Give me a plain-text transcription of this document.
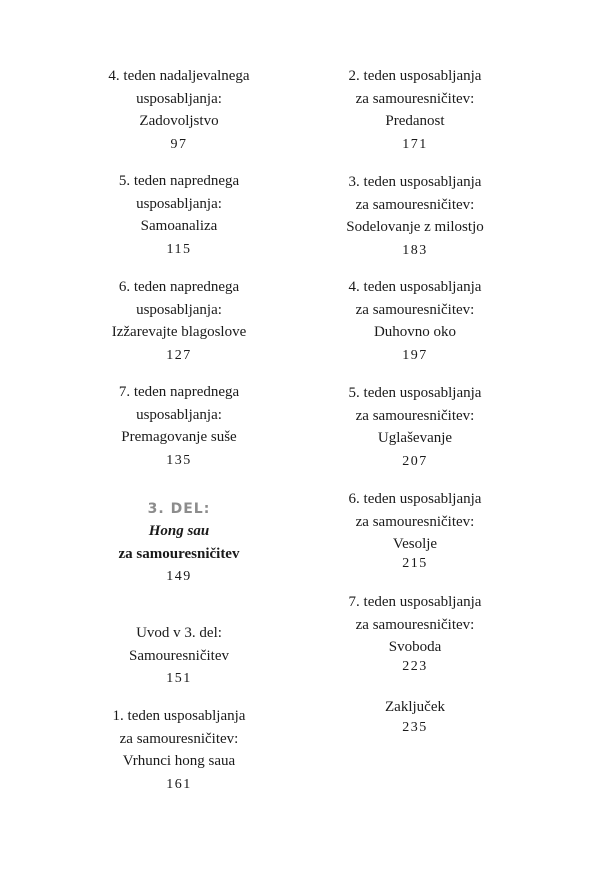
4. teden nadaljevalnega
usposabljanja:
Zadovoljstvo
97
5. teden naprednega
usposabljanja:
Samoanaliza
115
6. teden naprednega
usposabljanja:
Izžarevajte blagoslove
127
7. teden naprednega
usposabljanja:
Premagovanje suše
135
3. DEL:
Hong sau
za samouresničitev
149
Uvod v 3. del:
Samouresničitev
151
1. teden usposabljanja
za samouresničitev:
Vrhunci hong saua
161
2. teden usposabljanja
za samouresničitev:
Predanost
171
3. teden usposabljanja
za samouresničitev:
Sodelovanje z milostjo
183
4. teden usposabljanja
za samouresničitev:
Duhovno oko
197
5. teden usposabljanja
za samouresničitev:
Uglaševanje
207
6. teden usposabljanja
za samouresničitev:
Vesolje
215
7. teden usposabljanja
za samouresničitev:
Svoboda
223
Zaključek
235
